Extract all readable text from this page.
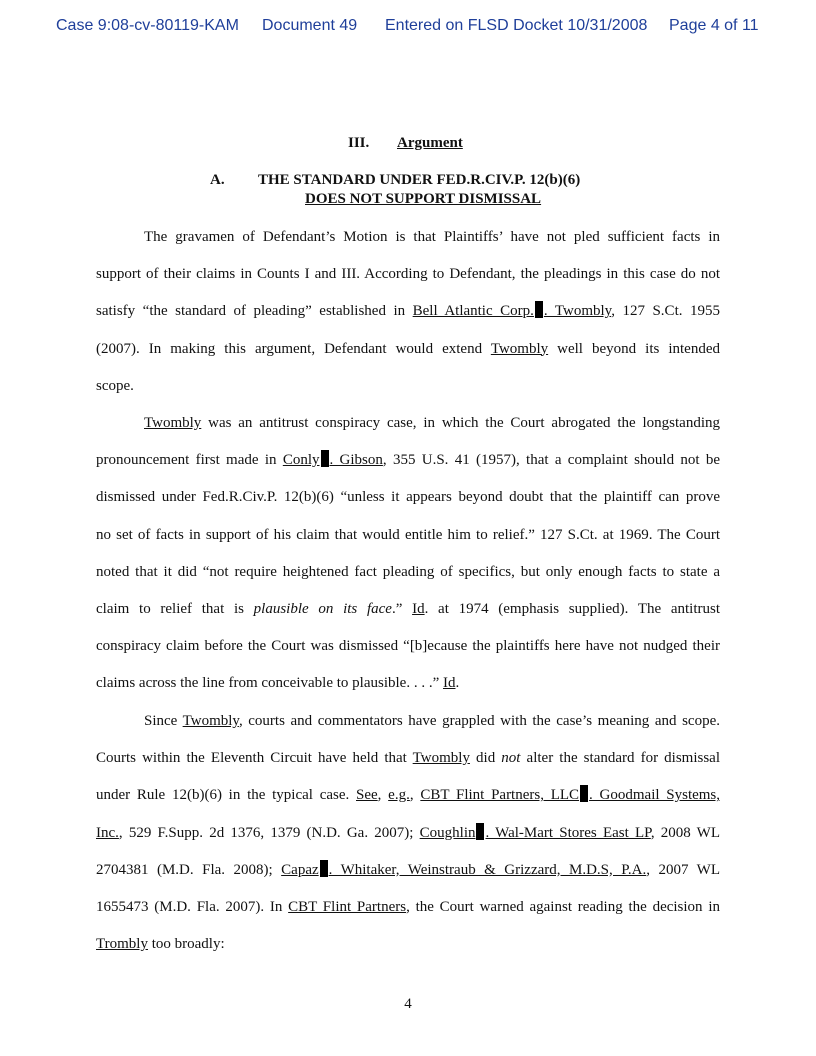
Case 9:08-cv-80119-KAM Document 49 Entered on FLSD Docket 10/31/2008 Page 4 of 11
III. Argument
A. THE STANDARD UNDER FED.R.CIV.P. 12(b)(6)
DOES NOT SUPPORT DISMISSAL
The gravamen of Defendant’s Motion is that Plaintiffs’ have not pled sufficient facts in
support of their claims in Counts I and III. According to Defendant, the pleadings in this case do not
satisfy “the standard of pleading” established in Bell Atlantic Corp. . Twombly, 127 S.Ct. 1955
(2007). In making this argument, Defendant would extend Twombly well beyond its intended
scope.
Twombly was an antitrust conspiracy case, in which the Court abrogated the longstanding
pronouncement first made in Conly . Gibson, 355 U.S. 41 (1957), that a complaint should not be
dismissed under Fed.R.Civ.P. 12(b)(6) “unless it appears beyond doubt that the plaintiff can prove
no set of facts in support of his claim that would entitle him to relief.” 127 S.Ct. at 1969. The Court
noted that it did “not require heightened fact pleading of specifics, but only enough facts to state a
claim to relief that is plausible on its face.” Id. at 1974 (emphasis supplied). The antitrust
conspiracy claim before the Court was dismissed “[b]ecause the plaintiffs here have not nudged their
claims across the line from conceivable to plausible. . . .” Id.
Since Twombly, courts and commentators have grappled with the case’s meaning and scope.
Courts within the Eleventh Circuit have held that Twombly did not alter the standard for dismissal
under Rule 12(b)(6) in the typical case. See, e.g., CBT Flint Partners, LLC . Goodmail Systems,
Inc., 529 F.Supp. 2d 1376, 1379 (N.D. Ga. 2007); Coughlin . Wal-Mart Stores East LP, 2008 WL
2704381 (M.D. Fla. 2008); Capaz . Whitaker, Weinstraub & Grizzard, M.D.S, P.A., 2007 WL
1655473 (M.D. Fla. 2007). In CBT Flint Partners, the Court warned against reading the decision in
Trombly too broadly:
4
